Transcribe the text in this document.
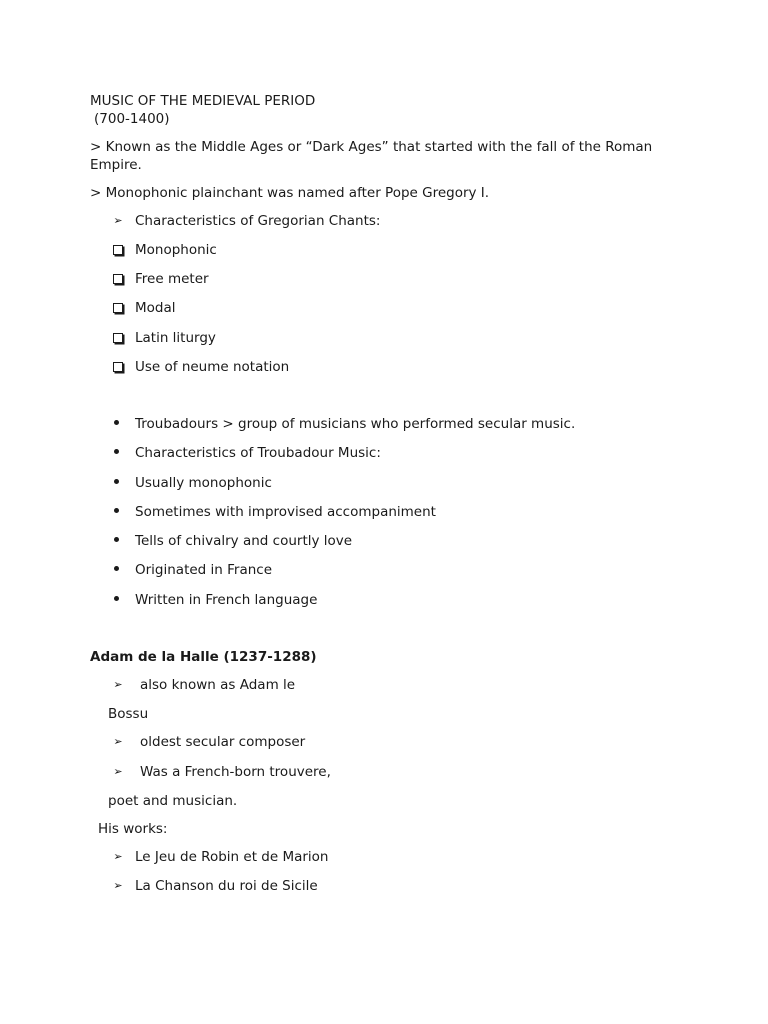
MUSIC OF THE MEDIEVAL PERIOD
(700-1400)
> Known as the Middle Ages or “Dark Ages” that started with the fall of the Roman Empire.
> Monophonic plainchant was named after Pope Gregory I.
➢ Characteristics of Gregorian Chants:
Monophonic
Free meter
Modal
Latin liturgy
Use of neume notation
Troubadours > group of musicians who performed secular music.
Characteristics of Troubadour Music:
Usually monophonic
Sometimes with improvised accompaniment
Tells of chivalry and courtly love
Originated in France
Written in French language
Adam de la Halle (1237-1288)
➢ also known as Adam le
Bossu
➢ oldest secular composer
➢ Was a French-born trouvere,
poet and musician.
His works:
➢ Le Jeu de Robin et de Marion
➢ La Chanson du roi de Sicile
